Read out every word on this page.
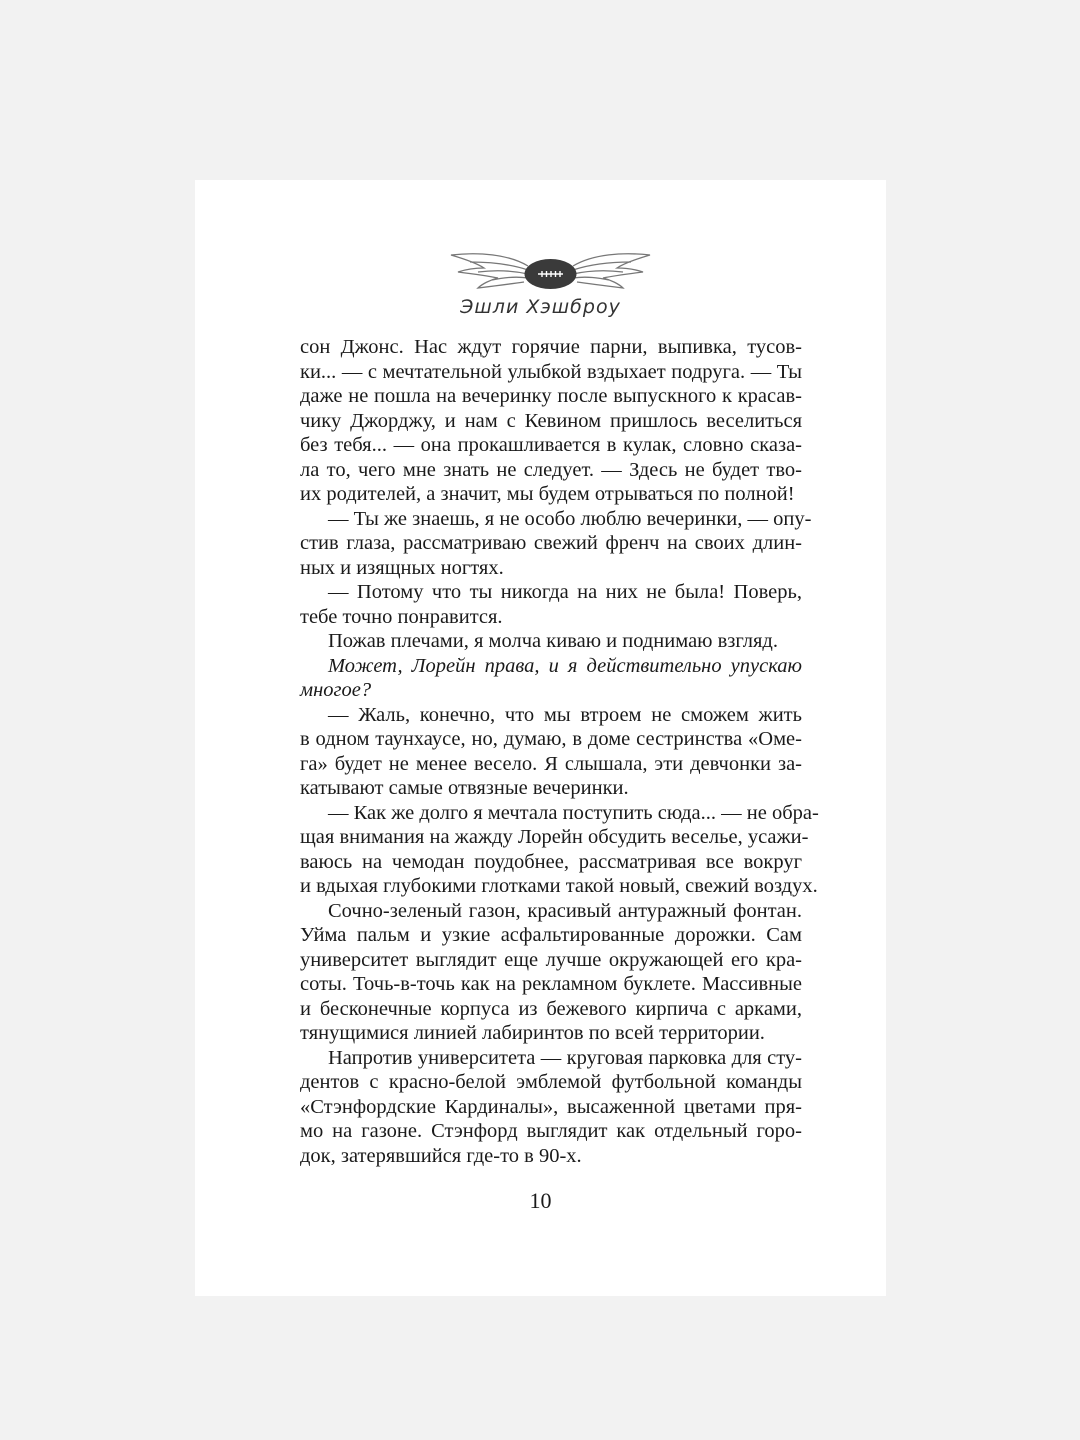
Эшли Хэшброу
сон Джонс. Нас ждут горячие парни, выпивка, тусов-
ки... — с мечтательной улыбкой вздыхает подруга. — Ты
даже не пошла на вечеринку после выпускного к красав-
чику Джорджу, и нам с Кевином пришлось веселиться
без тебя... — она прокашливается в кулак, словно сказа-
ла то, чего мне знать не следует. — Здесь не будет тво-
их родителей, а значит, мы будем отрываться по полной!
— Ты же знаешь, я не особо люблю вечеринки, — опу-
стив глаза, рассматриваю свежий френч на своих длин-
ных и изящных ногтях.
— Потому что ты никогда на них не была! Поверь,
тебе точно понравится.
Пожав плечами, я молча киваю и поднимаю взгляд.
Может, Лорейн права, и я действительно упускаю
многое?
— Жаль, конечно, что мы втроем не сможем жить
в одном таунхаусе, но, думаю, в доме сестринства «Оме-
га» будет не менее весело. Я слышала, эти девчонки за-
катывают самые отвязные вечеринки.
— Как же долго я мечтала поступить сюда... — не обра-
щая внимания на жажду Лорейн обсудить веселье, усажи-
ваюсь на чемодан поудобнее, рассматривая все вокруг
и вдыхая глубокими глотками такой новый, свежий воздух.
Сочно-зеленый газон, красивый антуражный фонтан.
Уйма пальм и узкие асфальтированные дорожки. Сам
университет выглядит еще лучше окружающей его кра-
соты. Точь-в-точь как на рекламном буклете. Массивные
и бесконечные корпуса из бежевого кирпича с арками,
тянущимися линией лабиринтов по всей территории.
Напротив университета — круговая парковка для сту-
дентов с красно-белой эмблемой футбольной команды
«Стэнфордские Кардиналы», высаженной цветами пря-
мо на газоне. Стэнфорд выглядит как отдельный горо-
док, затерявшийся где-то в 90-х.
10
